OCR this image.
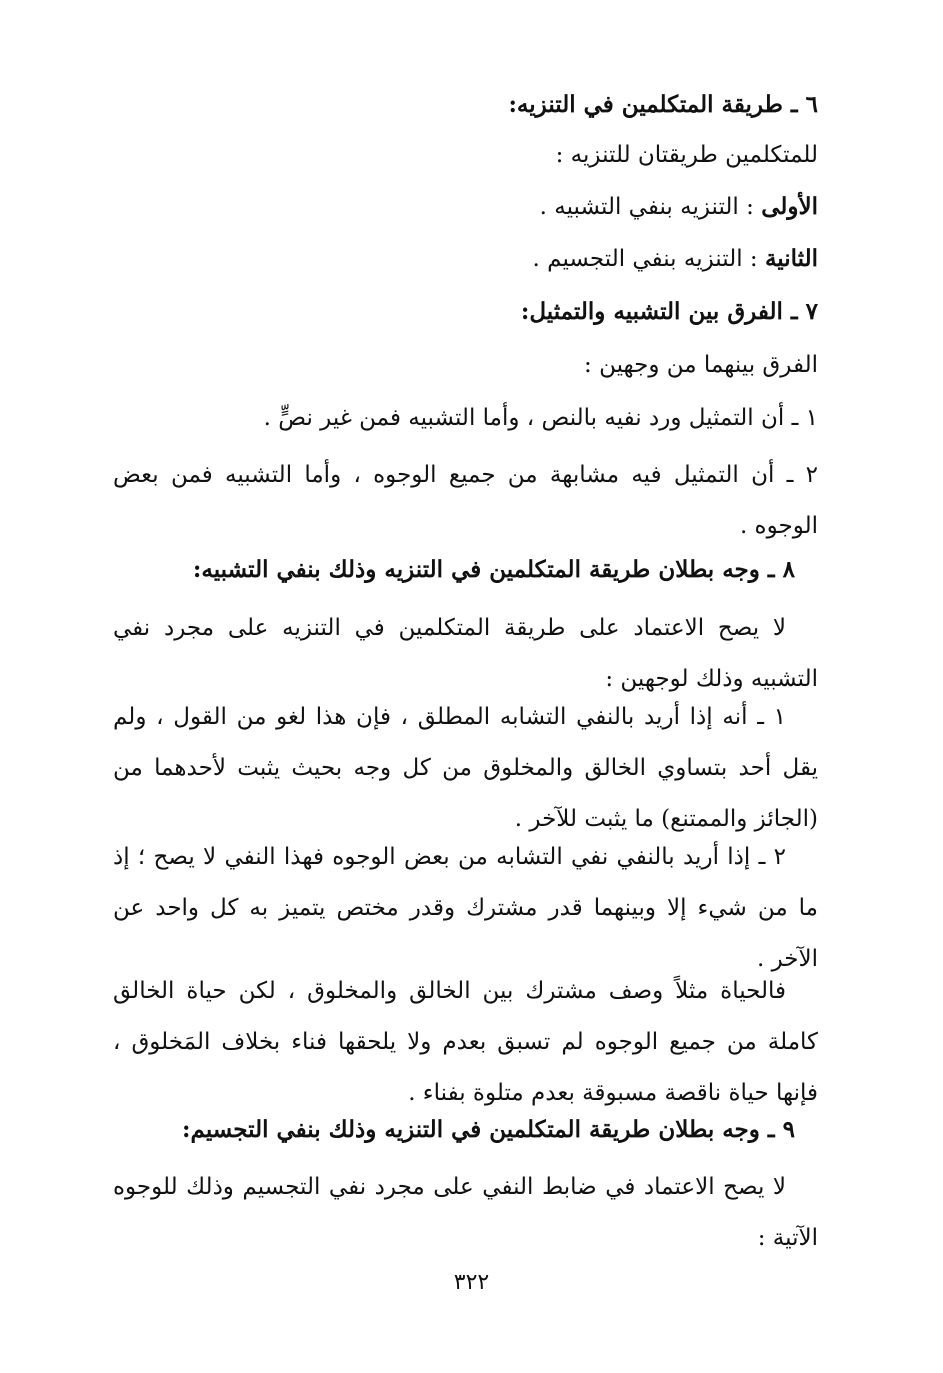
٦ ـ طريقة المتكلمين في التنزيه:
للمتكلمين طريقتان للتنزيه :
الأولى : التنزيه بنفي التشبيه .
الثانية : التنزيه بنفي التجسيم .
٧ ـ الفرق بين التشبيه والتمثيل:
الفرق بينهما من وجهين :
١ ـ أن التمثيل ورد نفيه بالنص ، وأما التشبيه فمن غير نصٍّ .
٢ ـ أن التمثيل فيه مشابهة من جميع الوجوه ، وأما التشبيه فمن بعض الوجوه .
٨ ـ وجه بطلان طريقة المتكلمين في التنزيه وذلك بنفي التشبيه:
لا يصح الاعتماد على طريقة المتكلمين في التنزيه على مجرد نفي التشبيه وذلك لوجهين :
١ ـ أنه إذا أريد بالنفي التشابه المطلق ، فإن هذا لغو من القول ، ولم يقل أحد بتساوي الخالق والمخلوق من كل وجه بحيث يثبت لأحدهما من (الجائز والممتنع) ما يثبت للآخر .
٢ ـ إذا أريد بالنفي نفي التشابه من بعض الوجوه فهذا النفي لا يصح ؛ إذ ما من شيء إلا وبينهما قدر مشترك وقدر مختص يتميز به كل واحد عن الآخر .
فالحياة مثلاً وصف مشترك بين الخالق والمخلوق ، لكن حياة الخالق كاملة من جميع الوجوه لم تسبق بعدم ولا يلحقها فناء بخلاف المَخلوق ، فإنها حياة ناقصة مسبوقة بعدم متلوة بفناء .
٩ ـ وجه بطلان طريقة المتكلمين في التنزيه وذلك بنفي التجسيم:
لا يصح الاعتماد في ضابط النفي على مجرد نفي التجسيم وذلك للوجوه الآتية :
٣٢٢
